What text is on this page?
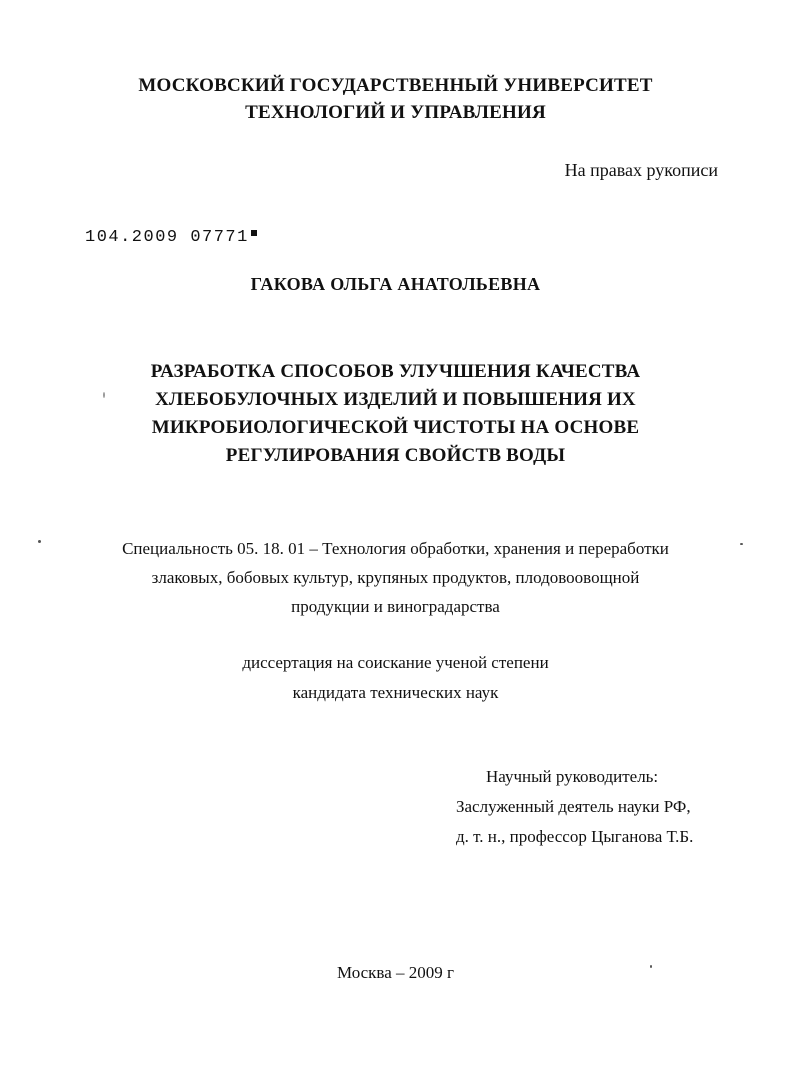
МОСКОВСКИЙ ГОСУДАРСТВЕННЫЙ УНИВЕРСИТЕТ
ТЕХНОЛОГИЙ И УПРАВЛЕНИЯ
На правах рукописи
104.2009 07771
ГАКОВА ОЛЬГА АНАТОЛЬЕВНА
РАЗРАБОТКА СПОСОБОВ УЛУЧШЕНИЯ КАЧЕСТВА
ХЛЕБОБУЛОЧНЫХ ИЗДЕЛИЙ И ПОВЫШЕНИЯ ИХ
МИКРОБИОЛОГИЧЕСКОЙ ЧИСТОТЫ НА ОСНОВЕ
РЕГУЛИРОВАНИЯ СВОЙСТВ ВОДЫ
Специальность 05. 18. 01 – Технология обработки, хранения и переработки
злаковых, бобовых культур, крупяных продуктов, плодовоовощной
продукции и виноградарства
диссертация на соискание ученой степени
кандидата технических наук
Научный руководитель:
Заслуженный деятель науки РФ,
д. т. н., профессор Цыганова Т.Б.
Москва – 2009 г
